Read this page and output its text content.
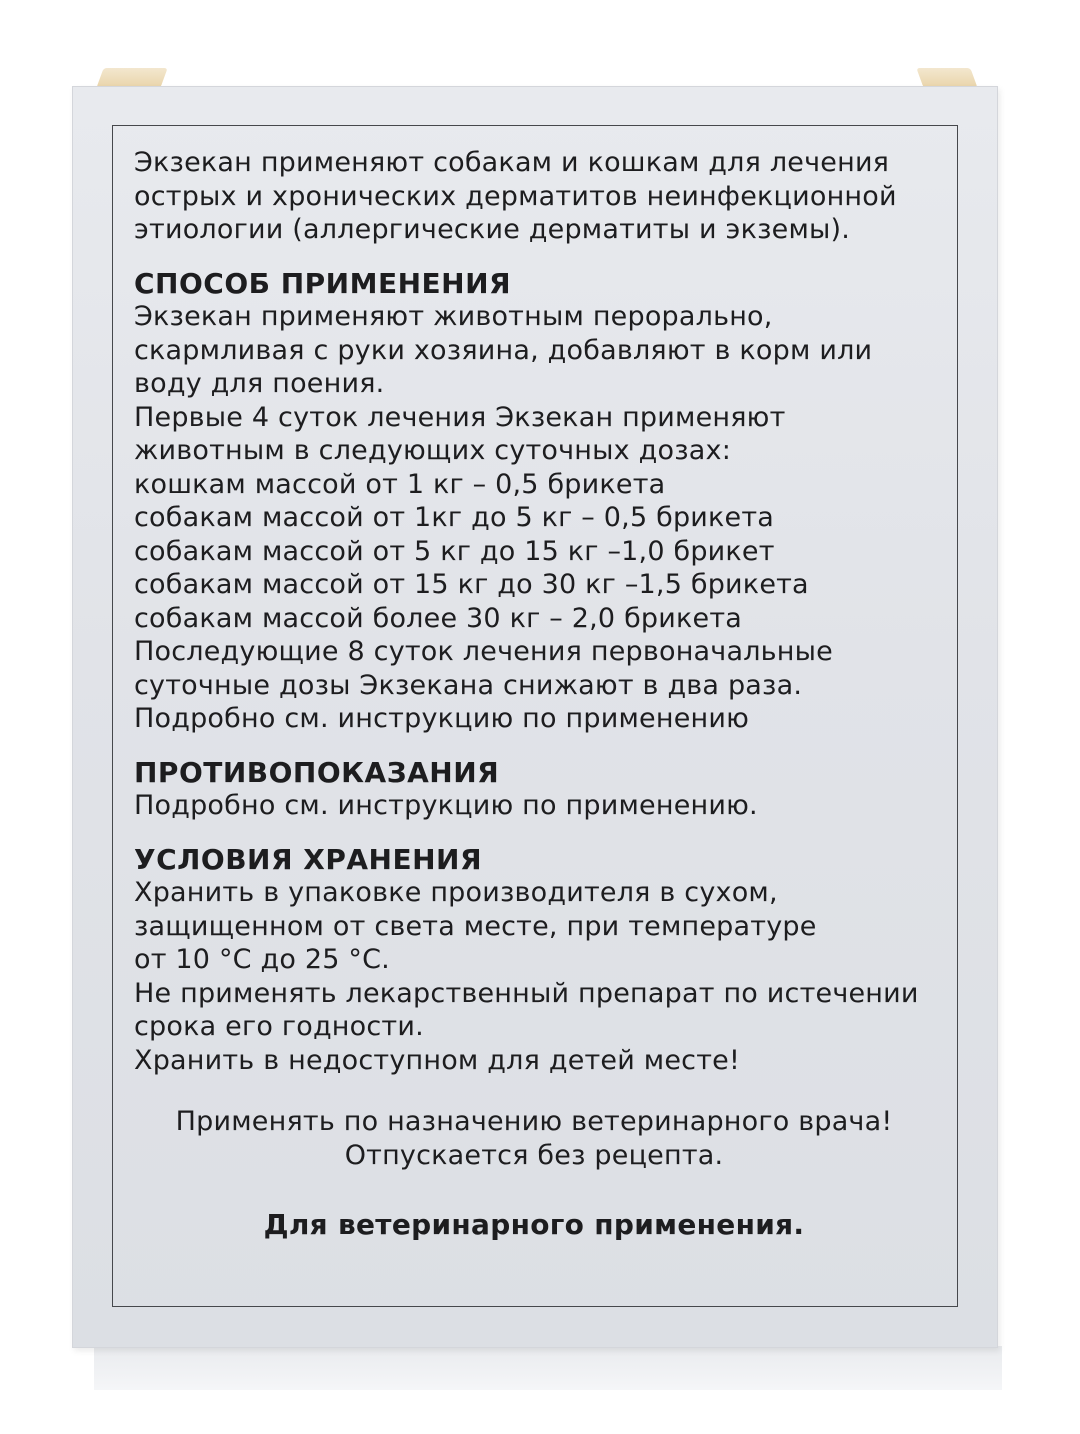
Экзекан применяют собакам и кошкам для лечения

острых и хронических дерматитов неинфекционной

этиологии (аллергические дерматиты и экземы).

СПОСОБ ПРИМЕНЕНИЯ

Экзекан применяют животным перорально,

скармливая с руки хозяина, добавляют в корм или

воду для поения.

Первые 4 суток лечения Экзекан применяют

животным в следующих суточных дозах:

кошкам массой от 1 кг – 0,5 брикета

собакам массой от 1кг до 5 кг – 0,5 брикета

собакам массой от 5 кг до 15 кг –1,0 брикет

собакам массой от 15 кг до 30 кг –1,5 брикета

собакам массой более 30 кг – 2,0 брикета

Последующие 8 суток лечения первоначальные

суточные дозы Экзекана снижают в два раза.

Подробно см. инструкцию по применению

ПРОТИВОПОКАЗАНИЯ

Подробно см. инструкцию по применению.

УСЛОВИЯ ХРАНЕНИЯ

Хранить в упаковке производителя в сухом,

защищенном от света месте, при температуре

от 10 °С до 25 °С.

Не применять лекарственный препарат по истечении

срока его годности.

Хранить в недоступном для детей месте!

Применять по назначению ветеринарного врача!

Отпускается без рецепта.

Для ветеринарного применения.
